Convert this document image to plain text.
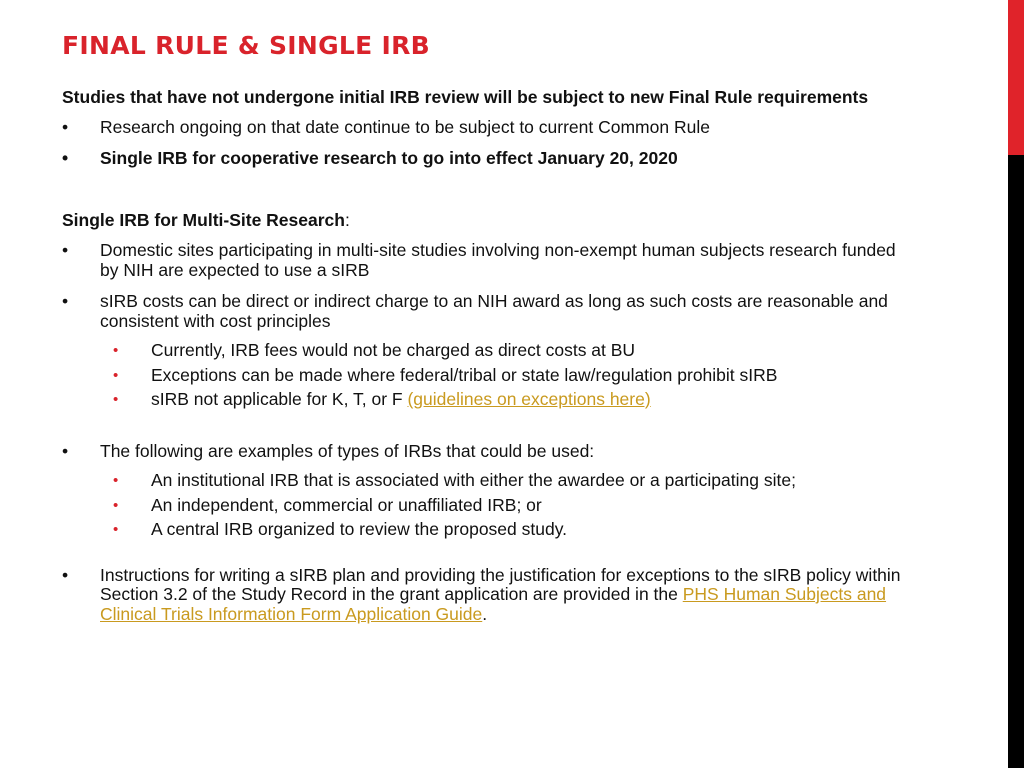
FINAL RULE & SINGLE IRB

Studies that have not undergone initial IRB review will be subject to new Final Rule requirements

• Research ongoing on that date continue to be subject to current Common Rule
• Single IRB for cooperative research to go into effect January 20, 2020

Single IRB for Multi-Site Research:

• Domestic sites participating in multi-site studies involving non-exempt human subjects research funded by NIH are expected to use a sIRB
• sIRB costs can be direct or indirect charge to an NIH award as long as such costs are reasonable and consistent with cost principles
• Currently, IRB fees would not be charged as direct costs at BU
• Exceptions can be made where federal/tribal or state law/regulation prohibit sIRB
• sIRB not applicable for K, T, or F (guidelines on exceptions here)
• The following are examples of types of IRBs that could be used:
• An institutional IRB that is associated with either the awardee or a participating site;
• An independent, commercial or unaffiliated IRB; or
• A central IRB organized to review the proposed study.
• Instructions for writing a sIRB plan and providing the justification for exceptions to the sIRB policy within Section 3.2 of the Study Record in the grant application are provided in the PHS Human Subjects and Clinical Trials Information Form Application Guide.
